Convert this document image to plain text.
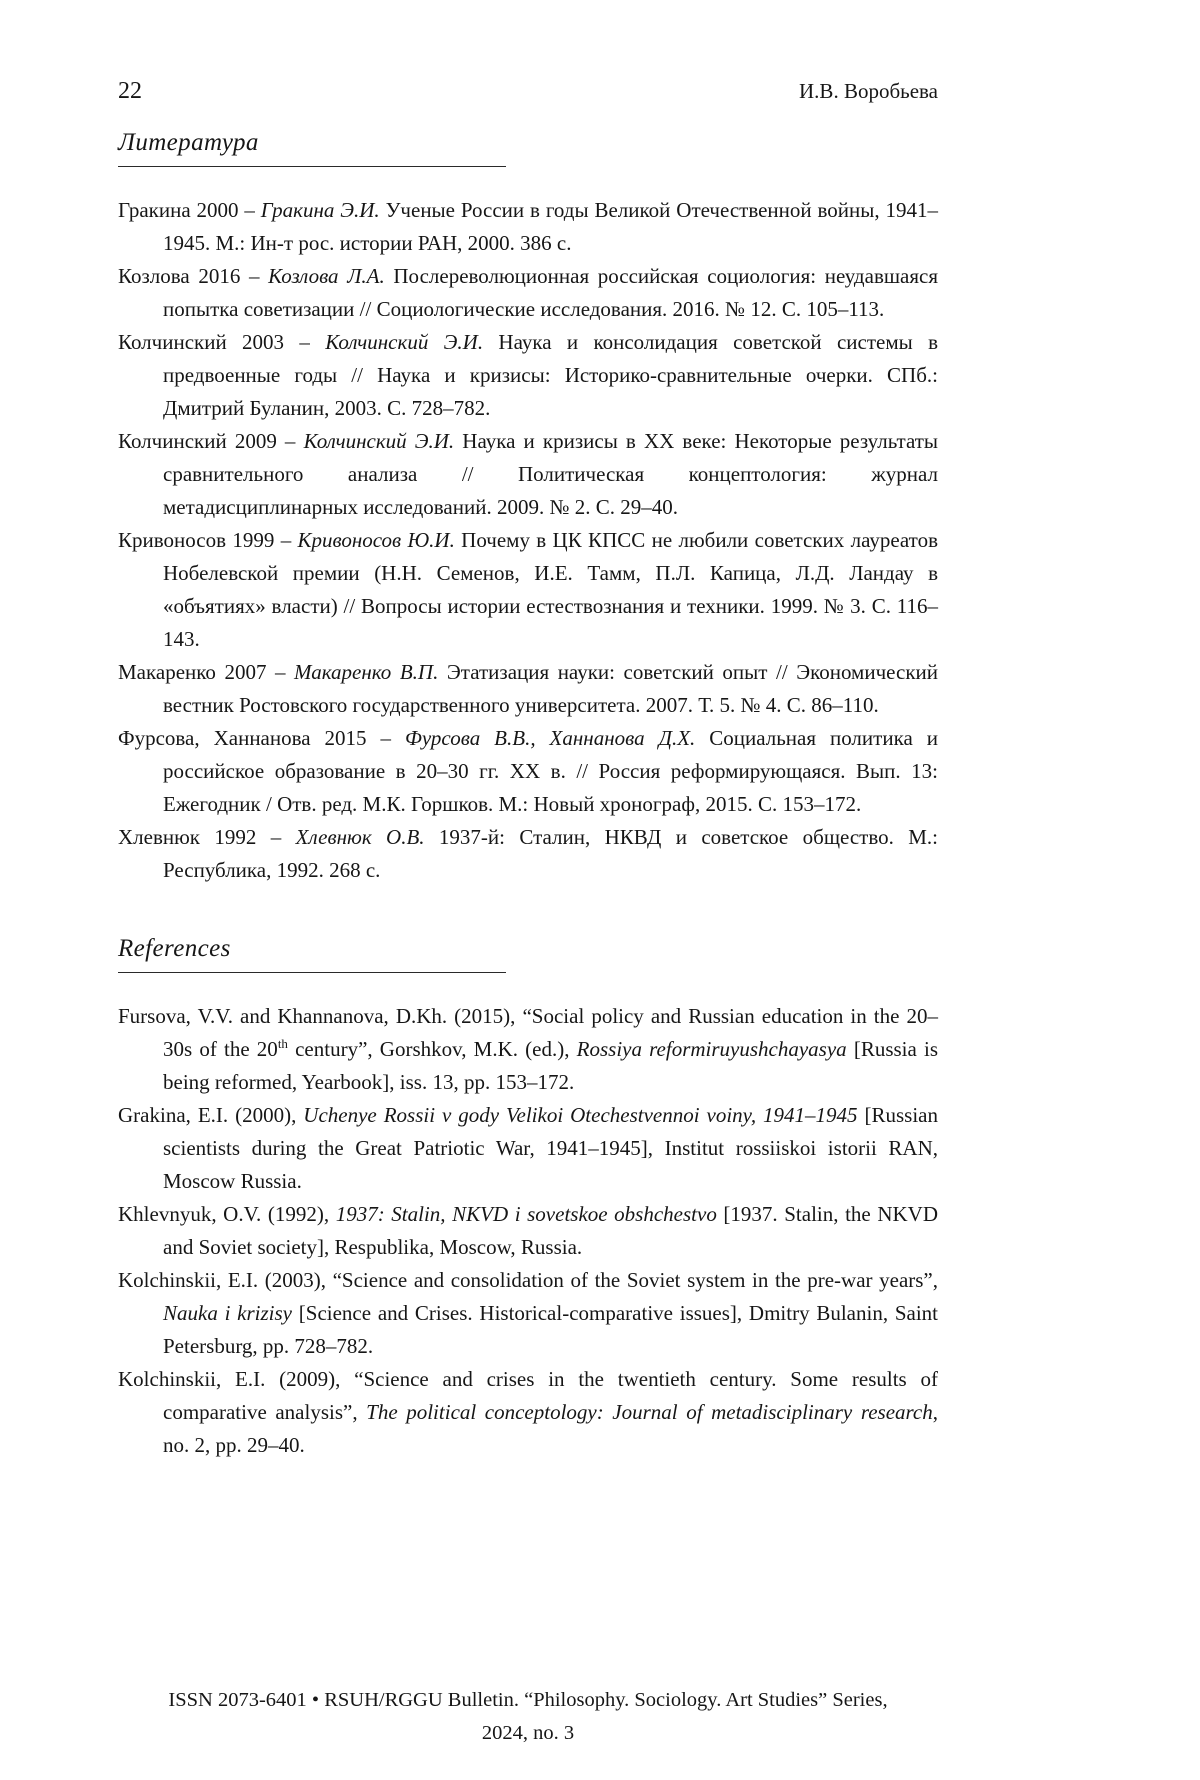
22	И.В. Воробьева
Литература

Гракина 2000 – Гракина Э.И. Ученые России в годы Великой Отечественной войны, 1941–1945. М.: Ин-т рос. истории РАН, 2000. 386 с.

Козлова 2016 – Козлова Л.А. Послереволюционная российская социология: неудавшаяся попытка советизации // Социологические исследования. 2016. № 12. С. 105–113.

Колчинский 2003 – Колчинский Э.И. Наука и консолидация советской системы в предвоенные годы // Наука и кризисы: Историко-сравнительные очерки. СПб.: Дмитрий Буланин, 2003. С. 728–782.

Колчинский 2009 – Колчинский Э.И. Наука и кризисы в XX веке: Некоторые результаты сравнительного анализа // Политическая концептология: журнал метадисциплинарных исследований. 2009. № 2. С. 29–40.

Кривоносов 1999 – Кривоносов Ю.И. Почему в ЦК КПСС не любили советских лауреатов Нобелевской премии (Н.Н. Семенов, И.Е. Тамм, П.Л. Капица, Л.Д. Ландау в «объятиях» власти) // Вопросы истории естествознания и техники. 1999. № 3. С. 116–143.

Макаренко 2007 – Макаренко В.П. Этатизация науки: советский опыт // Экономический вестник Ростовского государственного университета. 2007. Т. 5. № 4. С. 86–110.

Фурсова, Ханнанова 2015 – Фурсова В.В., Ханнанова Д.Х. Социальная политика и российское образование в 20–30 гг. XX в. // Россия реформирующаяся. Вып. 13: Ежегодник / Отв. ред. М.К. Горшков. М.: Новый хронограф, 2015. С. 153–172.

Хлевнюк 1992 – Хлевнюк О.В. 1937-й: Сталин, НКВД и советское общество. М.: Республика, 1992. 268 с.

References

Fursova, V.V. and Khannanova, D.Kh. (2015), “Social policy and Russian education in the 20–30s of the 20th century”, Gorshkov, M.K. (ed.), Rossiya reformiruyushchayasya [Russia is being reformed, Yearbook], iss. 13, pp. 153–172.

Grakina, E.I. (2000), Uchenye Rossii v gody Velikoi Otechestvennoi voiny, 1941–1945 [Russian scientists during the Great Patriotic War, 1941–1945], Institut rossiiskoi istorii RAN, Moscow Russia.

Khlevnyuk, O.V. (1992), 1937: Stalin, NKVD i sovetskoe obshchestvo [1937. Stalin, the NKVD and Soviet society], Respublika, Moscow, Russia.

Kolchinskii, E.I. (2003), “Science and consolidation of the Soviet system in the pre-war years”, Nauka i krizisy [Science and Crises. Historical-comparative issues], Dmitry Bulanin, Saint Petersburg, pp. 728–782.

Kolchinskii, E.I. (2009), “Science and crises in the twentieth century. Some results of comparative analysis”, The political conceptology: Journal of metadisciplinary research, no. 2, pp. 29–40.

ISSN 2073-6401 • RSUH/RGGU Bulletin. “Philosophy. Sociology. Art Studies” Series,
2024, no. 3
